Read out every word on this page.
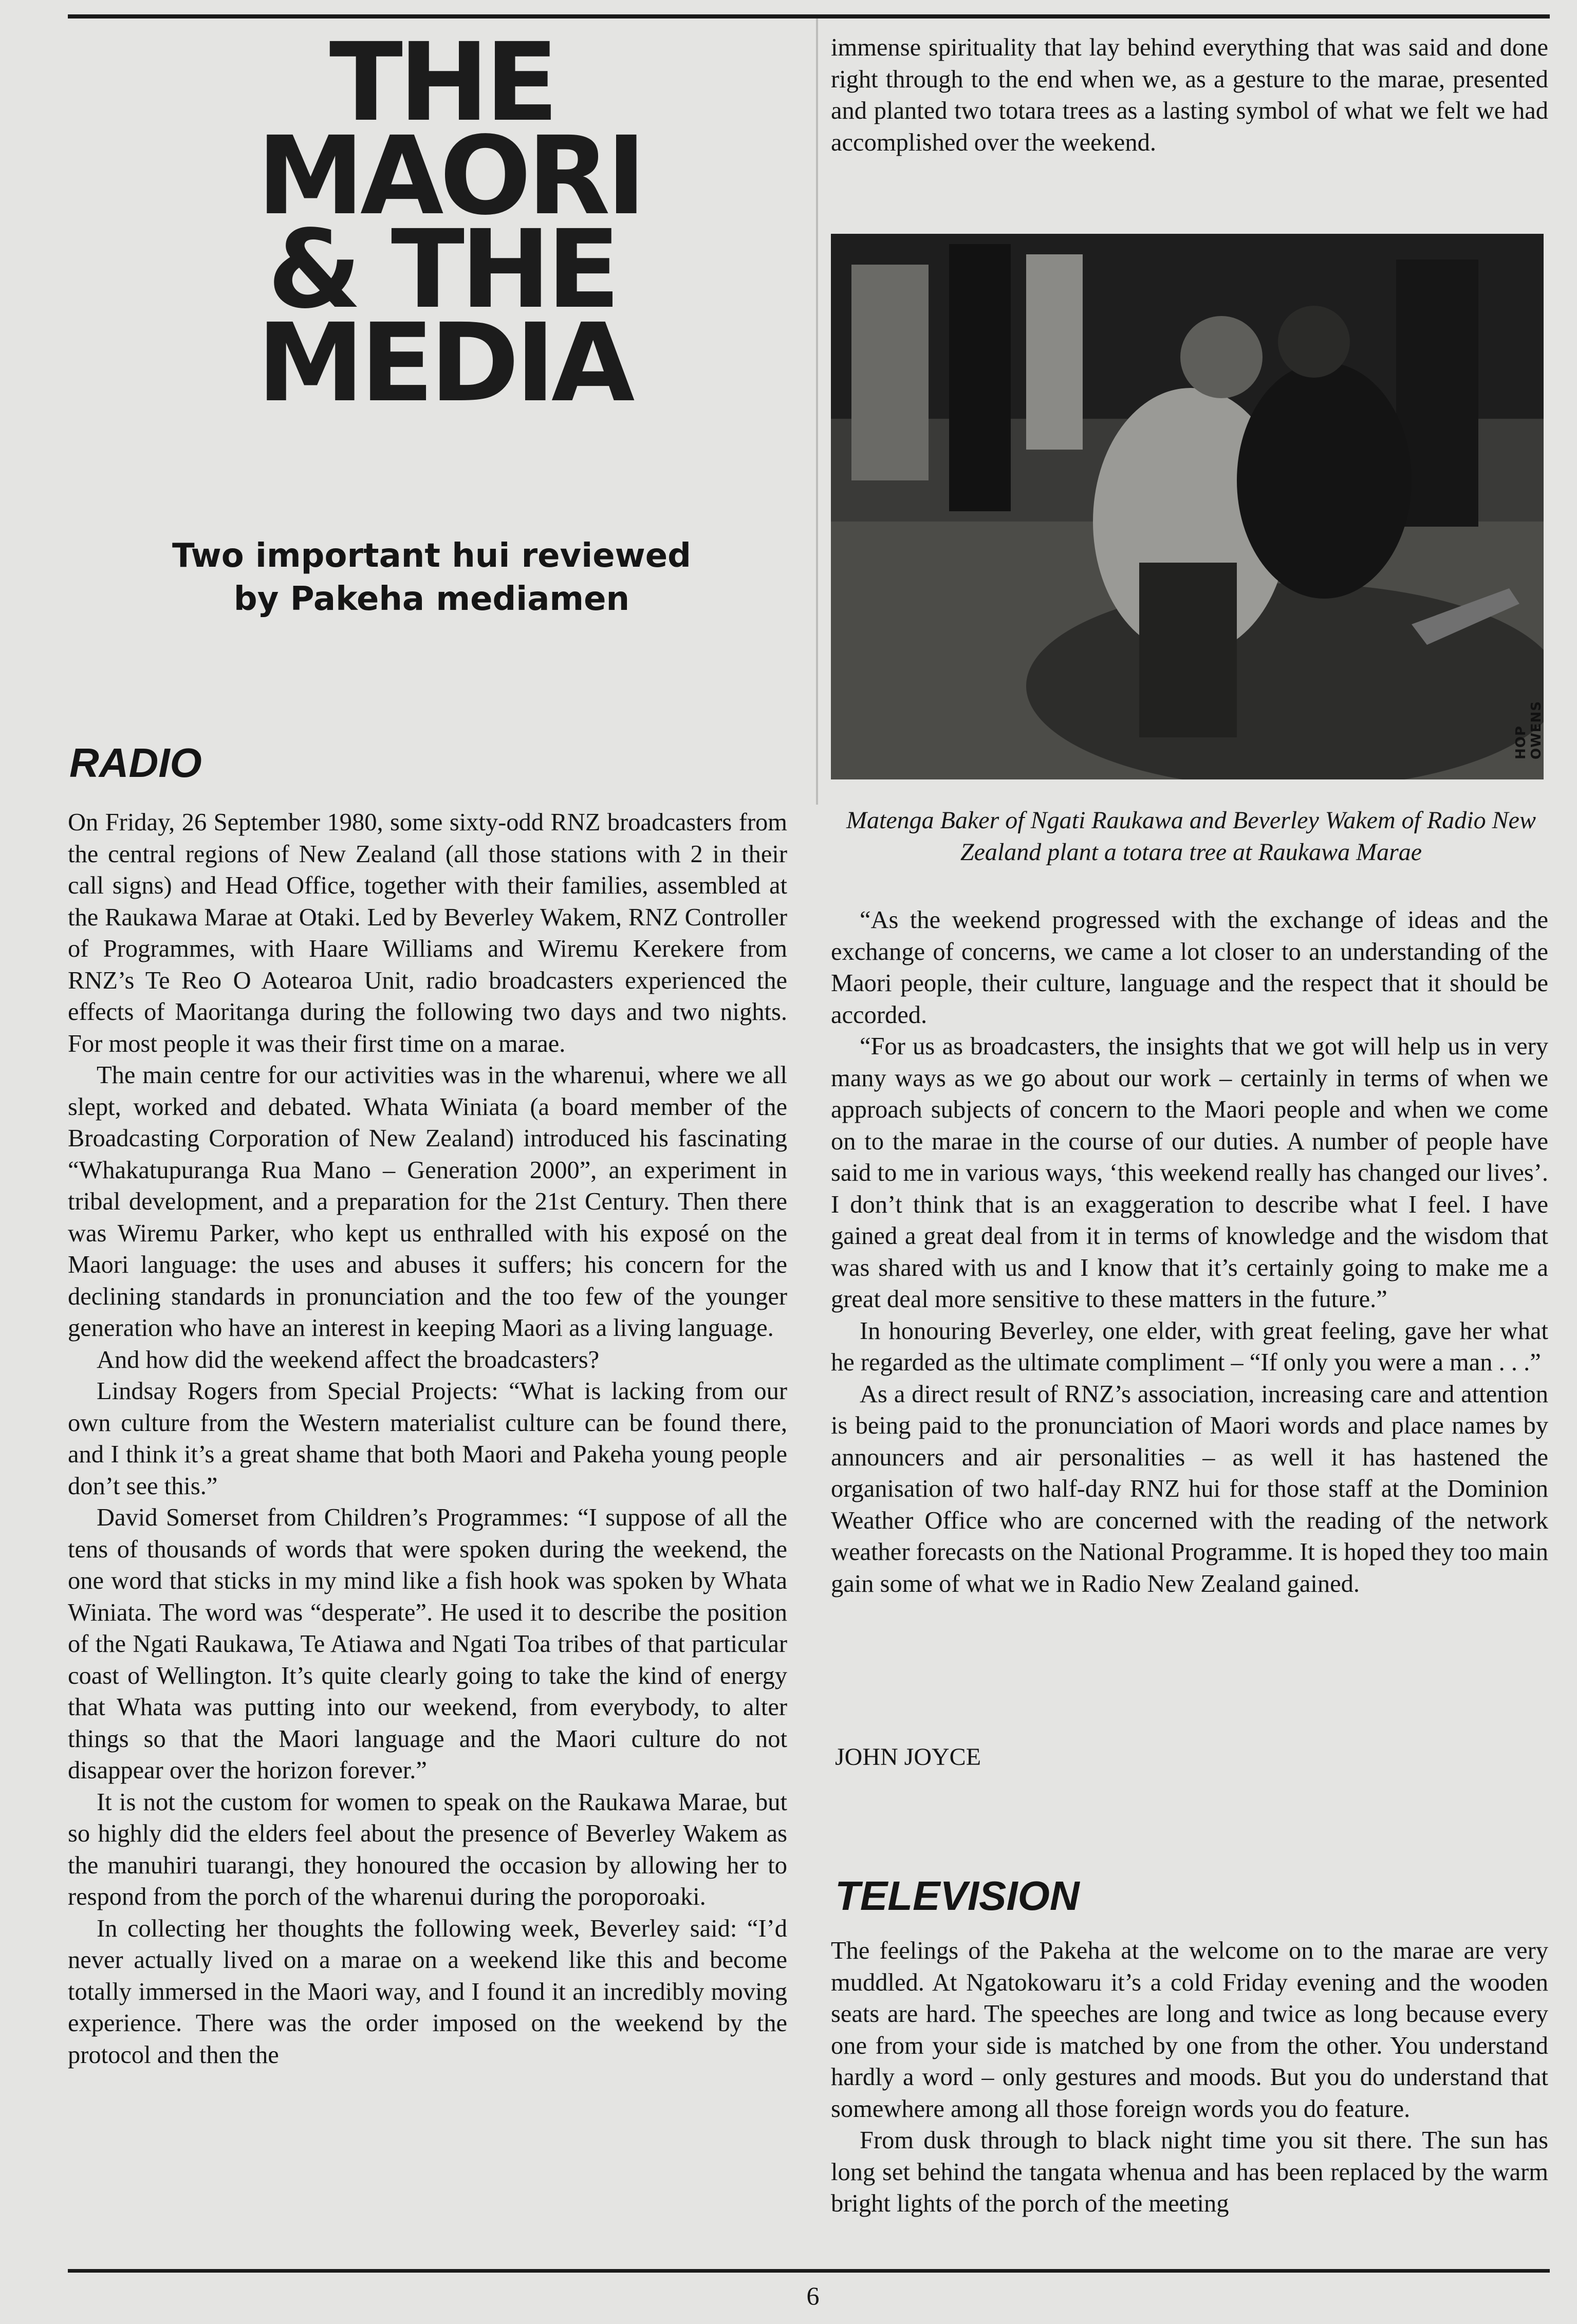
THE
MAORI
& THE
MEDIA
Two important hui reviewed
by Pakeha mediamen
RADIO

On Friday, 26 September 1980, some sixty-odd RNZ broadcasters from the central regions of New Zealand (all those stations with 2 in their call signs) and Head Office, together with their families, assembled at the Raukawa Marae at Otaki. Led by Beverley Wakem, RNZ Controller of Programmes, with Haare Williams and Wiremu Kerekere from RNZ’s Te Reo O Aotearoa Unit, radio broadcasters experienced the effects of Maoritanga during the following two days and two nights. For most people it was their first time on a marae.

The main centre for our activities was in the wharenui, where we all slept, worked and debated. Whata Winiata (a board member of the Broadcasting Corporation of New Zealand) introduced his fascinating “Whakatupuranga Rua Mano – Generation 2000”, an experiment in tribal development, and a preparation for the 21st Century. Then there was Wiremu Parker, who kept us enthralled with his exposé on the Maori language: the uses and abuses it suffers; his concern for the declining standards in pronunciation and the too few of the younger generation who have an interest in keeping Maori as a living language.

And how did the weekend affect the broadcasters?

Lindsay Rogers from Special Projects: “What is lacking from our own culture from the Western materialist culture can be found there, and I think it’s a great shame that both Maori and Pakeha young people don’t see this.”

David Somerset from Children’s Programmes: “I suppose of all the tens of thousands of words that were spoken during the weekend, the one word that sticks in my mind like a fish hook was spoken by Whata Winiata. The word was “desperate”. He used it to describe the position of the Ngati Raukawa, Te Atiawa and Ngati Toa tribes of that particular coast of Wellington. It’s quite clearly going to take the kind of energy that Whata was putting into our weekend, from everybody, to alter things so that the Maori language and the Maori culture do not disappear over the horizon forever.”

It is not the custom for women to speak on the Raukawa Marae, but so highly did the elders feel about the presence of Beverley Wakem as the manuhiri tuarangi, they honoured the occasion by allowing her to respond from the porch of the wharenui during the poroporoaki.

In collecting her thoughts the following week, Beverley said: “I’d never actually lived on a marae on a weekend like this and become totally immersed in the Maori way, and I found it an incredibly moving experience. There was the order imposed on the weekend by the protocol and then the

immense spirituality that lay behind everything that was said and done right through to the end when we, as a gesture to the marae, presented and planted two totara trees as a lasting symbol of what we felt we had accomplished over the weekend.

HOP OWENS

Matenga Baker of Ngati Raukawa and Beverley Wakem of Radio New Zealand plant a totara tree at Raukawa Marae

“As the weekend progressed with the exchange of ideas and the exchange of concerns, we came a lot closer to an understanding of the Maori people, their culture, language and the respect that it should be accorded.

“For us as broadcasters, the insights that we got will help us in very many ways as we go about our work – certainly in terms of when we approach subjects of concern to the Maori people and when we come on to the marae in the course of our duties. A number of people have said to me in various ways, ‘this weekend really has changed our lives’. I don’t think that is an exaggeration to describe what I feel. I have gained a great deal from it in terms of knowledge and the wisdom that was shared with us and I know that it’s certainly going to make me a great deal more sensitive to these matters in the future.”

In honouring Beverley, one elder, with great feeling, gave her what he regarded as the ultimate compliment – “If only you were a man . . .”

As a direct result of RNZ’s association, increasing care and attention is being paid to the pronunciation of Maori words and place names by announcers and air personalities – as well it has hastened the organisation of two half-day RNZ hui for those staff at the Dominion Weather Office who are concerned with the reading of the network weather forecasts on the National Programme. It is hoped they too main gain some of what we in Radio New Zealand gained.

JOHN JOYCE

TELEVISION

The feelings of the Pakeha at the welcome on to the marae are very muddled. At Ngatokowaru it’s a cold Friday evening and the wooden seats are hard. The speeches are long and twice as long because every one from your side is matched by one from the other. You understand hardly a word – only gestures and moods. But you do understand that somewhere among all those foreign words you do feature.

From dusk through to black night time you sit there. The sun has long set behind the tangata whenua and has been replaced by the warm bright lights of the porch of the meeting

6
